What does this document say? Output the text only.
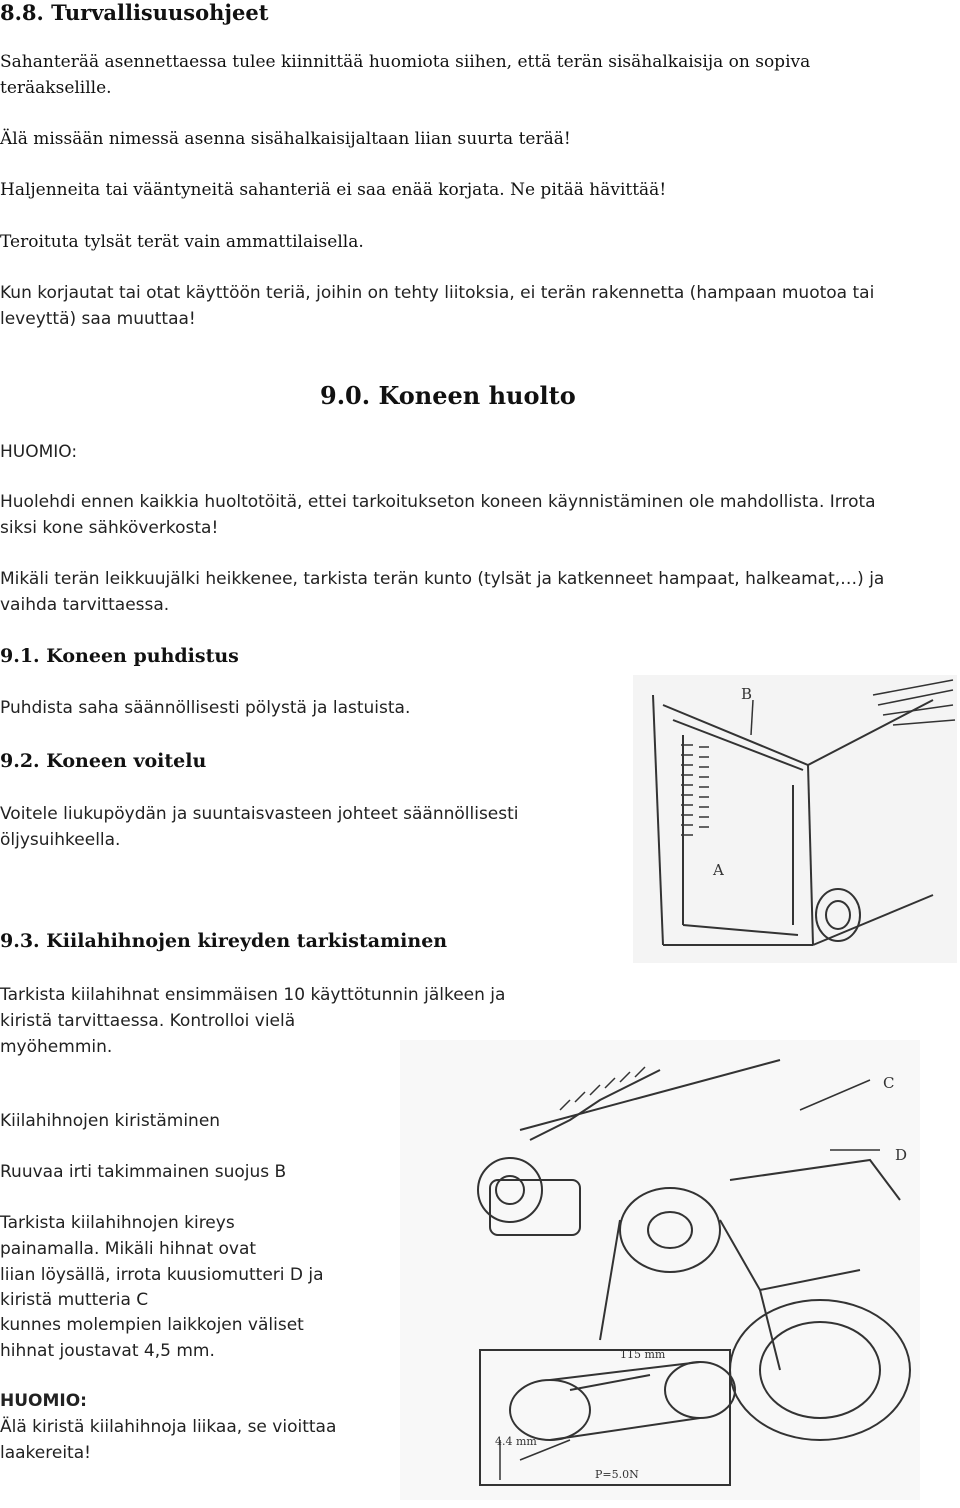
8.8. Turvallisuusohjeet

Sahanterää asennettaessa tulee kiinnittää huomiota siihen, että terän sisähalkaisija on sopiva

teräakselille.

Älä missään nimessä asenna sisähalkaisijaltaan liian suurta terää!

Haljenneita tai vääntyneitä sahanteriä ei saa enää korjata. Ne pitää hävittää!

Teroituta tylsät terät vain ammattilaisella.

Kun korjautat tai otat käyttöön teriä, joihin on tehty liitoksia, ei terän rakennetta (hampaan muotoa tai

leveyttä) saa muuttaa!

HUOMIO:

9.0. Koneen huolto

Huolehdi ennen kaikkia huoltotöitä, ettei tarkoitukseton koneen käynnistäminen ole mahdollista. Irrota

siksi kone sähköverkosta!

Mikäli terän leikkuujälki heikkenee, tarkista terän kunto (tylsät ja katkenneet hampaat, halkeamat,…) ja

vaihda tarvittaessa.

9.1. Koneen puhdistus

Puhdista saha säännöllisesti pölystä ja lastuista.

9.2. Koneen voitelu

Voitele liukupöydän ja suuntaisvasteen johteet säännöllisesti

öljysuihkeella.

9.3. Kiilahihnojen kireyden tarkistaminen

Tarkista kiilahihnat ensimmäisen 10 käyttötunnin jälkeen ja

kiristä tarvittaessa. Kontrolloi vielä

myöhemmin.

Kiilahihnojen kiristäminen

Ruuvaa irti takimmainen suojus B

Tarkista kiilahihnojen kireys

painamalla. Mikäli hihnat ovat

liian löysällä, irrota kuusiomutteri D ja

kiristä mutteria C

kunnes molempien laikkojen väliset

hihnat joustavat 4,5 mm.

HUOMIO:

Älä kiristä kiilahihnoja liikaa, se vioittaa

laakereita!

B
A
C
D
4.4 mm
115 mm
P=5.0N
